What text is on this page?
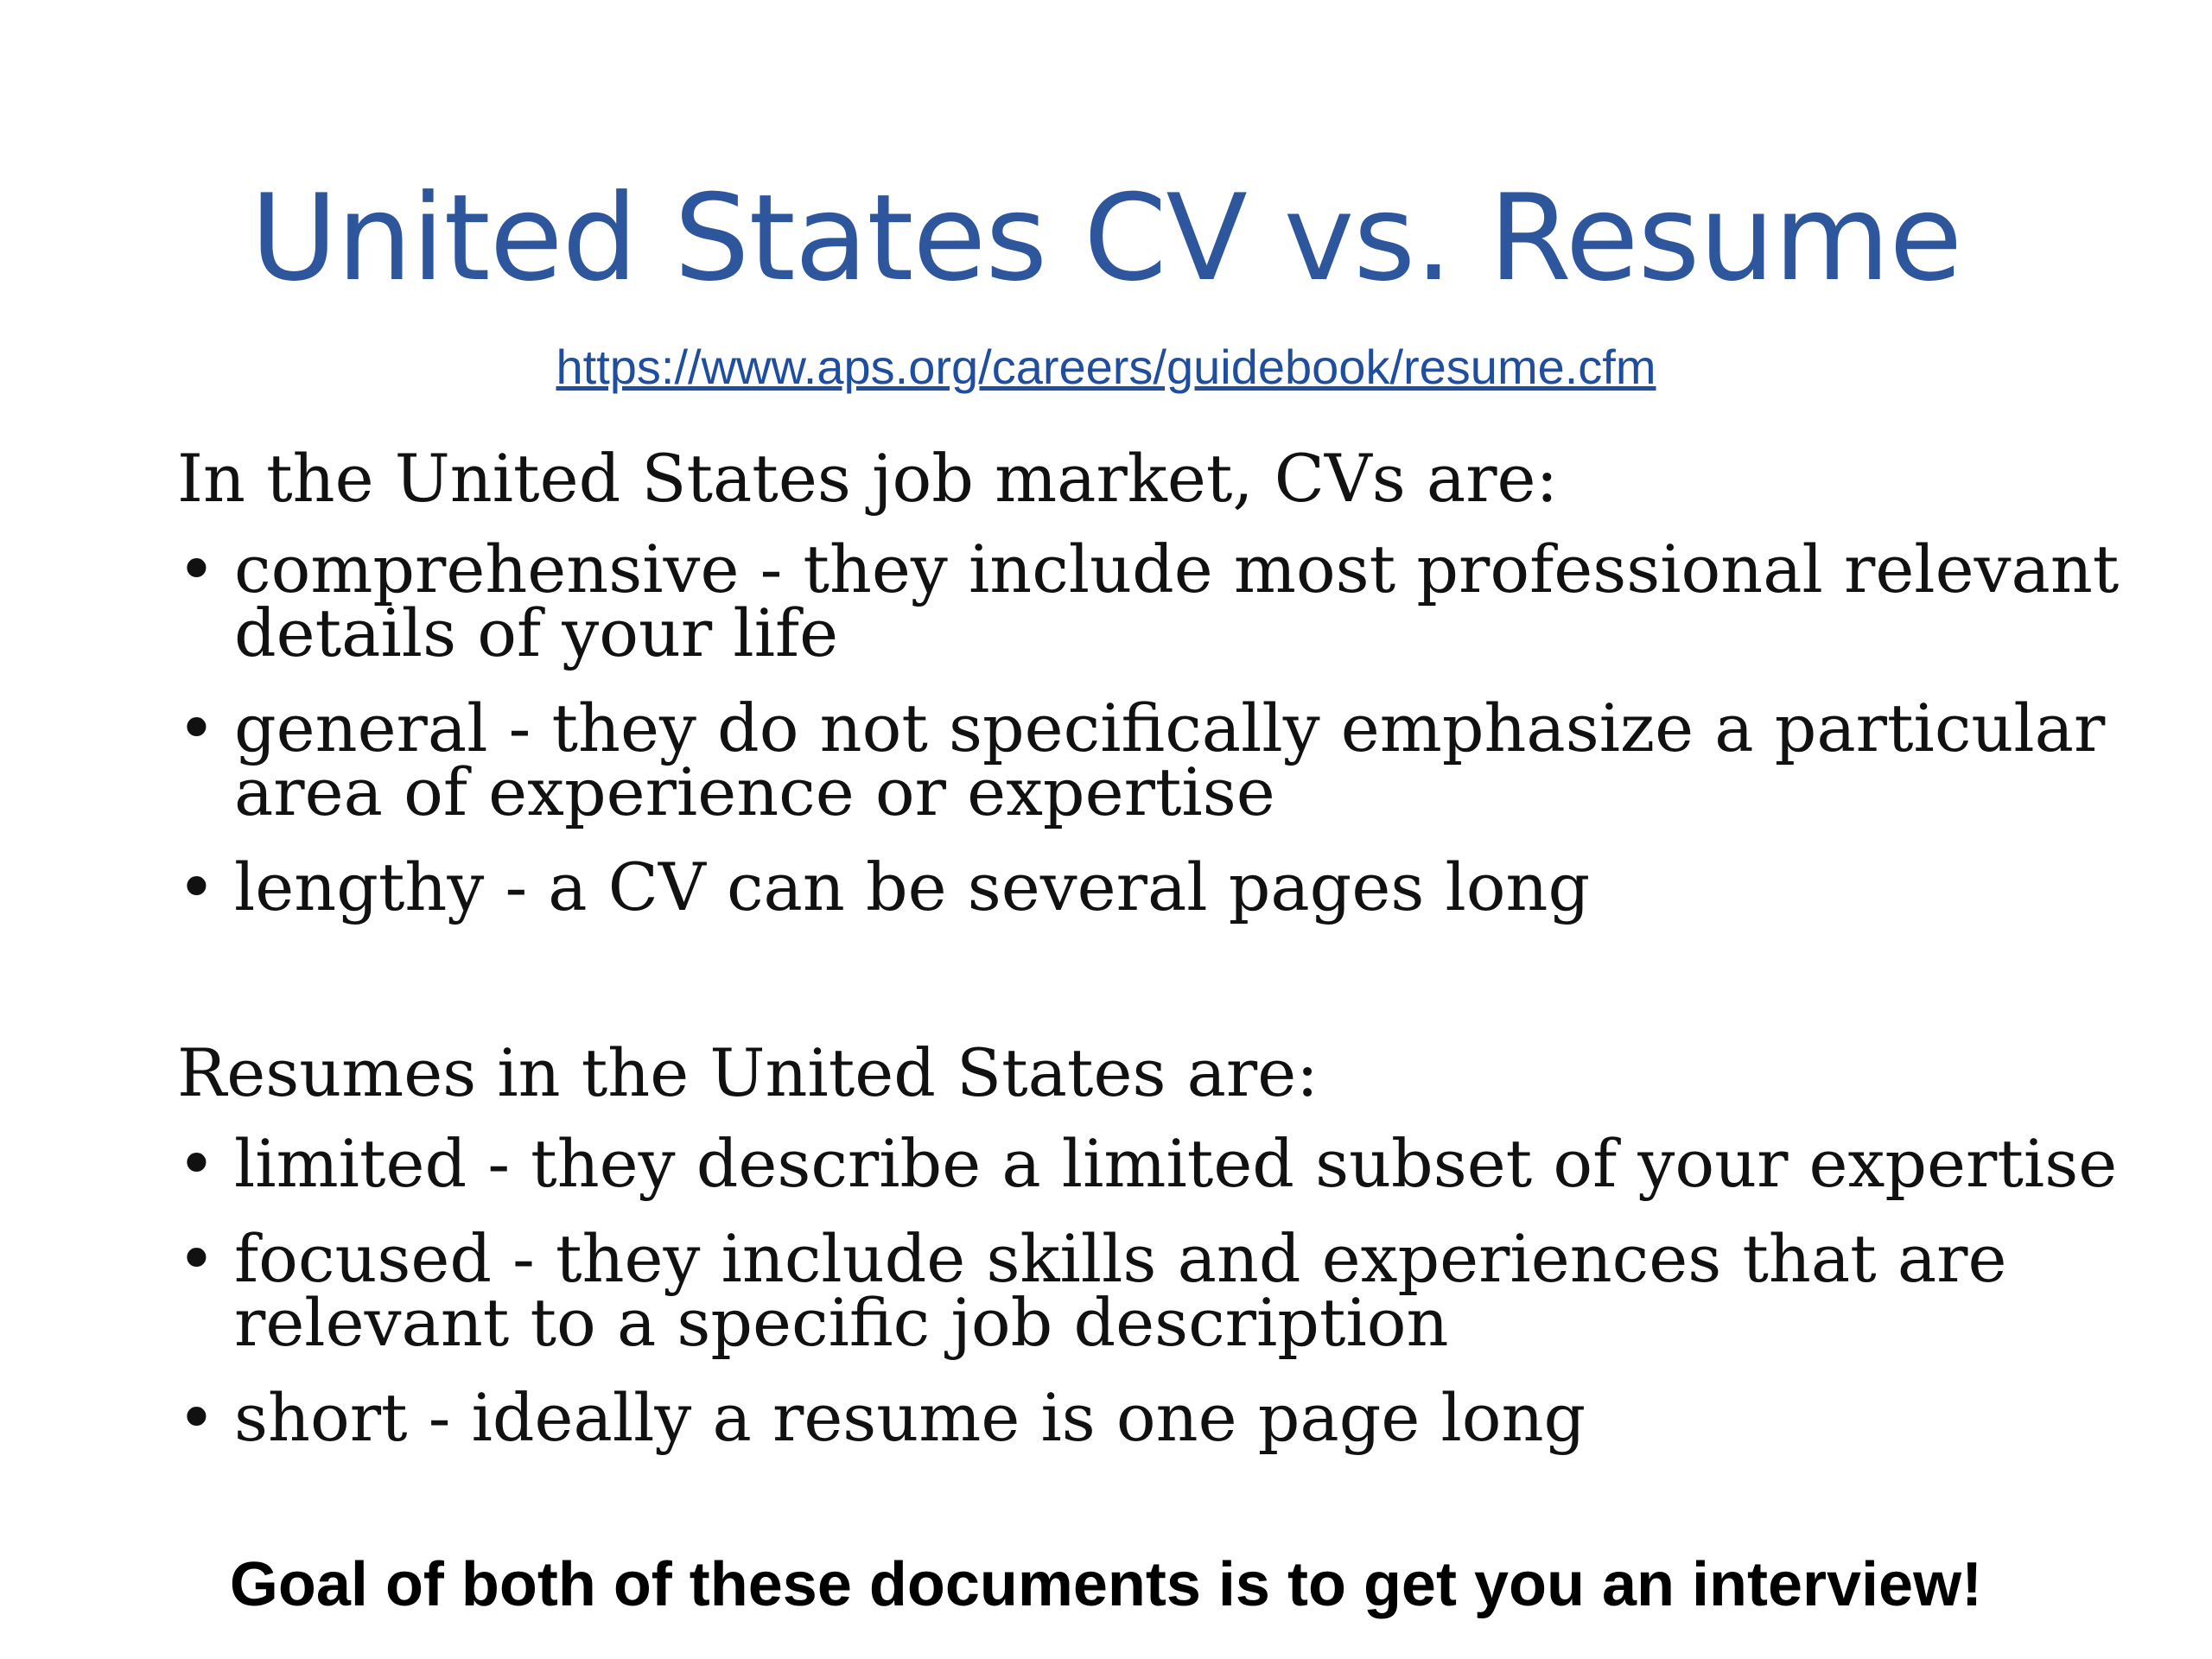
United States CV vs. Resume
https://www.aps.org/careers/guidebook/resume.cfm
In the United States job market, CVs are:
• comprehensive - they include most professional relevant details of your life
• general - they do not specifically emphasize a particular area of experience or expertise
• lengthy - a CV can be several pages long
Resumes in the United States are:
• limited - they describe a limited subset of your expertise
• focused - they include skills and experiences that are relevant to a specific job description
• short - ideally a resume is one page long
Goal of both of these documents is to get you an interview!
